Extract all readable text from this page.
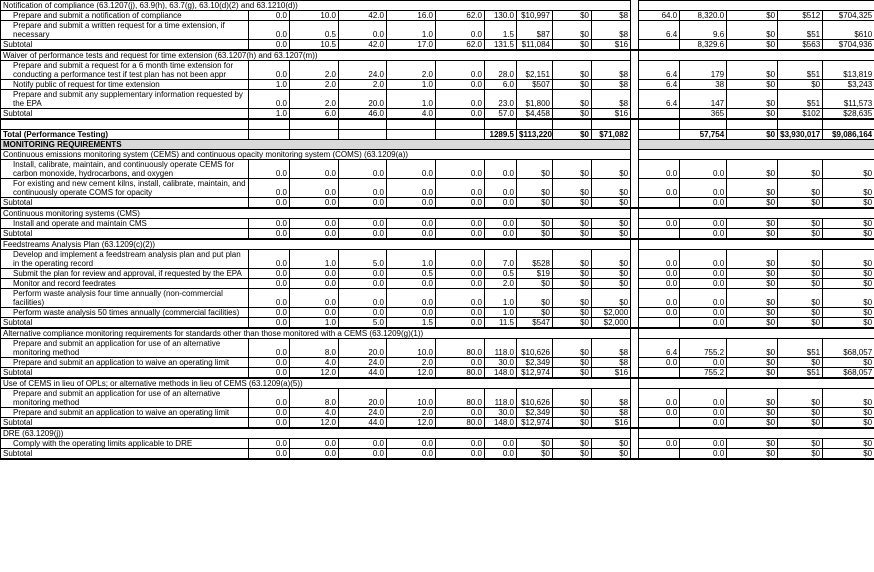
Notification of compliance (63.1207(j), 63.9(h), 63.7(g), 63.10(d)(2) and 63.1210(d))															
Prepare and submit a notification of compliance	0.0	10.0	42.0	16.0	62.0	130.0	$10,997	$0	$8		64.0	8,320.0	$0	$512	$704,325
Prepare and submit a written request for a time extension, if necessary	0.0	0.5	0.0	1.0	0.0	1.5	$87	$0	$8		6.4	9.6	$0	$51	$610
Subtotal	0.0	10.5	42.0	17.0	62.0	131.5	$11,084	$0	$16			8,329.6	$0	$563	$704,936
Waiver of performance tests and request for time extension (63.1207(h) and 63.1207(m))															
Prepare and submit a request for a 6 month time extension for conducting a performance test if test plan has not been appr	0.0	2.0	24.0	2.0	0.0	28.0	$2,151	$0	$8		6.4	179	$0	$51	$13,819
Notify public of request for time extension	1.0	2.0	2.0	1.0	0.0	6.0	$507	$0	$8		6.4	38	$0	$0	$3,243
Prepare and submit any supplementary information requested by the EPA	0.0	2.0	20.0	1.0	0.0	23.0	$1,800	$0	$8		6.4	147	$0	$51	$11,573
Subtotal	1.0	6.0	46.0	4.0	0.0	57.0	$4,458	$0	$16			365	$0	$102	$28,635

Total (Performance Testing)						1289.5	$113,220	$0	$71,082			57,754	$0	$3,930,017	$9,086,164
MONITORING REQUIREMENTS															
Continuous emissions monitoring system (CEMS) and continuous opacity monitoring system (COMS) (63.1209(a))															
Install, calibrate, maintain, and continuously operate CEMS for carbon monoxide, hydrocarbons, and oxygen	0.0	0.0	0.0	0.0	0.0	0.0	$0	$0	$0		0.0	0.0	$0	$0	$0
For existing and new cement kilns, install, calibrate, maintain, and continuously operate COMS for opacity	0.0	0.0	0.0	0.0	0.0	0.0	$0	$0	$0		0.0	0.0	$0	$0	$0
Subtotal	0.0	0.0	0.0	0.0	0.0	0.0	$0	$0	$0			0.0	$0	$0	$0
Continuous monitoring systems (CMS)															
Install and operate and maintain CMS	0.0	0.0	0.0	0.0	0.0	0.0	$0	$0	$0		0.0	0.0	$0	$0	$0
Subtotal	0.0	0.0	0.0	0.0	0.0	0.0	$0	$0	$0			0.0	$0	$0	$0
Feedstreams Analysis Plan (63.1209(c)(2))															
Develop and implement a feedstream analysis plan and put plan in the operating record	0.0	1.0	5.0	1.0	0.0	7.0	$528	$0	$0		0.0	0.0	$0	$0	$0
Submit the plan for review and approval, if requested by the EPA	0.0	0.0	0.0	0.5	0.0	0.5	$19	$0	$0		0.0	0.0	$0	$0	$0
Monitor and record feedrates	0.0	0.0	0.0	0.0	0.0	2.0	$0	$0	$0		0.0	0.0	$0	$0	$0
Perform waste analysis four time annually (non-commercial facilities)	0.0	0.0	0.0	0.0	0.0	1.0	$0	$0	$0		0.0	0.0	$0	$0	$0
Perform waste analysis 50 times annually (commercial facilities)	0.0	0.0	0.0	0.0	0.0	1.0	$0	$0	$2,000		0.0	0.0	$0	$0	$0
Subtotal	0.0	1.0	5.0	1.5	0.0	11.5	$547	$0	$2,000			0.0	$0	$0	$0
Alternative compliance monitoring requirements for standards other than those monitored with a CEMS (63.1209(g)(1))															
Prepare and submit an application for use of an alternative monitoring method	0.0	8.0	20.0	10.0	80.0	118.0	$10,626	$0	$8		6.4	755.2	$0	$51	$68,057
Prepare and submit an application to waive an operating limit	0.0	4.0	24.0	2.0	0.0	30.0	$2,349	$0	$8		0.0	0.0	$0	$0	$0
Subtotal	0.0	12.0	44.0	12.0	80.0	148.0	$12,974	$0	$16			755.2	$0	$51	$68,057
Use of CEMS in lieu of OPLs; or alternative methods in lieu of CEMS (63.1209(a)(5))															
Prepare and submit an application for use of an alternative monitoring method	0.0	8.0	20.0	10.0	80.0	118.0	$10,626	$0	$8		0.0	0.0	$0	$0	$0
Prepare and submit an application to waive an operating limit	0.0	4.0	24.0	2.0	0.0	30.0	$2,349	$0	$8		0.0	0.0	$0	$0	$0
Subtotal	0.0	12.0	44.0	12.0	80.0	148.0	$12,974	$0	$16			0.0	$0	$0	$0
DRE (63.1209(j))															
Comply with the operating limits applicable to DRE	0.0	0.0	0.0	0.0	0.0	0.0	$0	$0	$0		0.0	0.0	$0	$0	$0
Subtotal	0.0	0.0	0.0	0.0	0.0	0.0	$0	$0	$0			0.0	$0	$0	$0
